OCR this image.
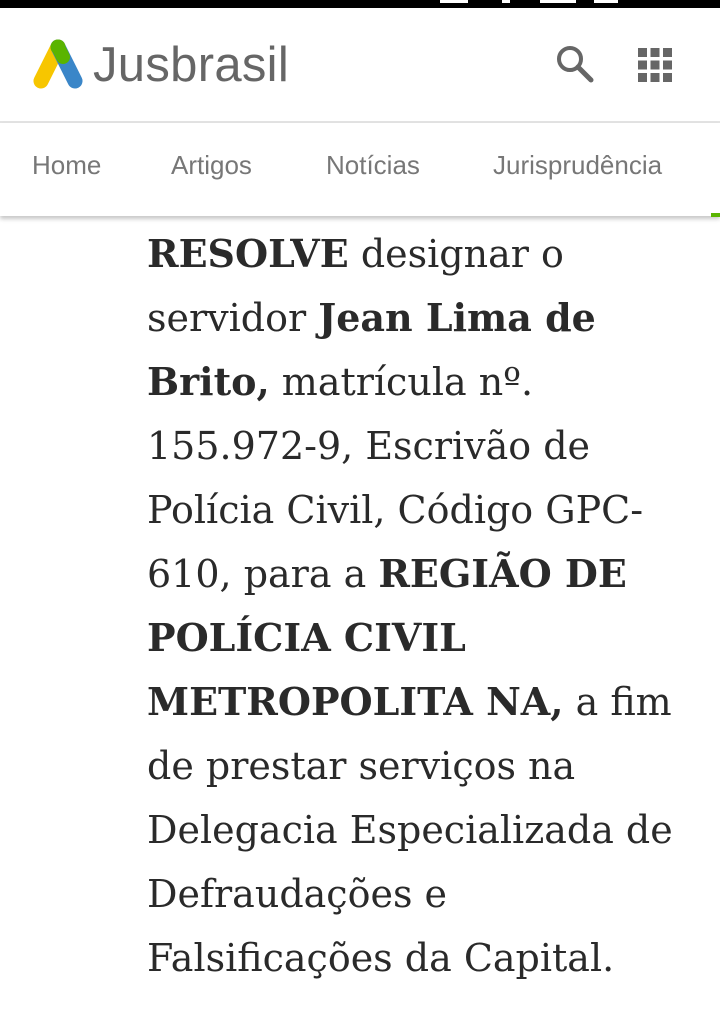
Jusbrasil
Home	Artigos	Notícias	Jurisprudência

RESOLVE designar o servidor Jean Lima de Brito, matrícula nº. 155.972-9, Escrivão de Polícia Civil, Código GPC-610, para a REGIÃO DE POLÍCIA CIVIL METROPOLITA NA, a fim de prestar serviços na Delegacia Especializada de Defraudações e Falsificações da Capital.
